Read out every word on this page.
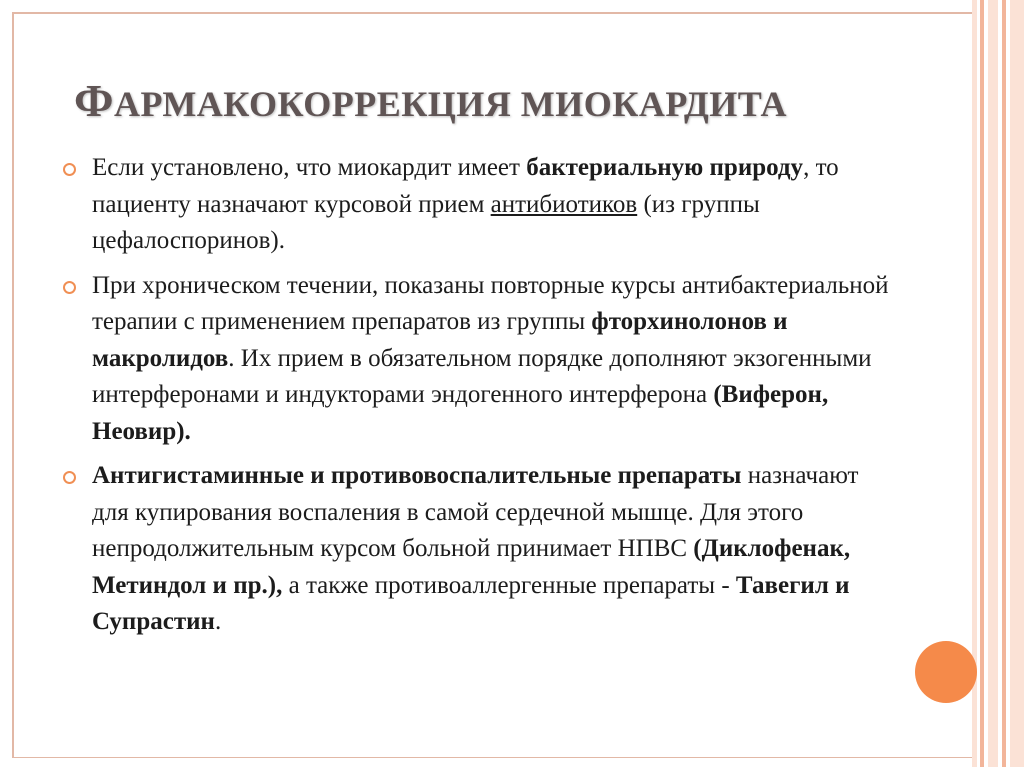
ФАРМАКОКОРРЕКЦИЯ МИОКАРДИТА
Если установлено, что миокардит имеет бактериальную природу, то пациенту назначают курсовой прием антибиотиков (из группы цефалоспоринов).
При хроническом течении, показаны повторные курсы антибактериальной терапии с применением препаратов из группы фторхинолонов и макролидов. Их прием в обязательном порядке дополняют экзогенными интерферонами и индукторами эндогенного интерферона (Виферон, Неовир).
Антигистаминные и противовоспалительные препараты назначают для купирования воспаления в самой сердечной мышце. Для этого непродолжительным курсом больной принимает НПВС (Диклофенак, Метиндол и пр.), а также противоаллергенные препараты - Тавегил и Супрастин.
